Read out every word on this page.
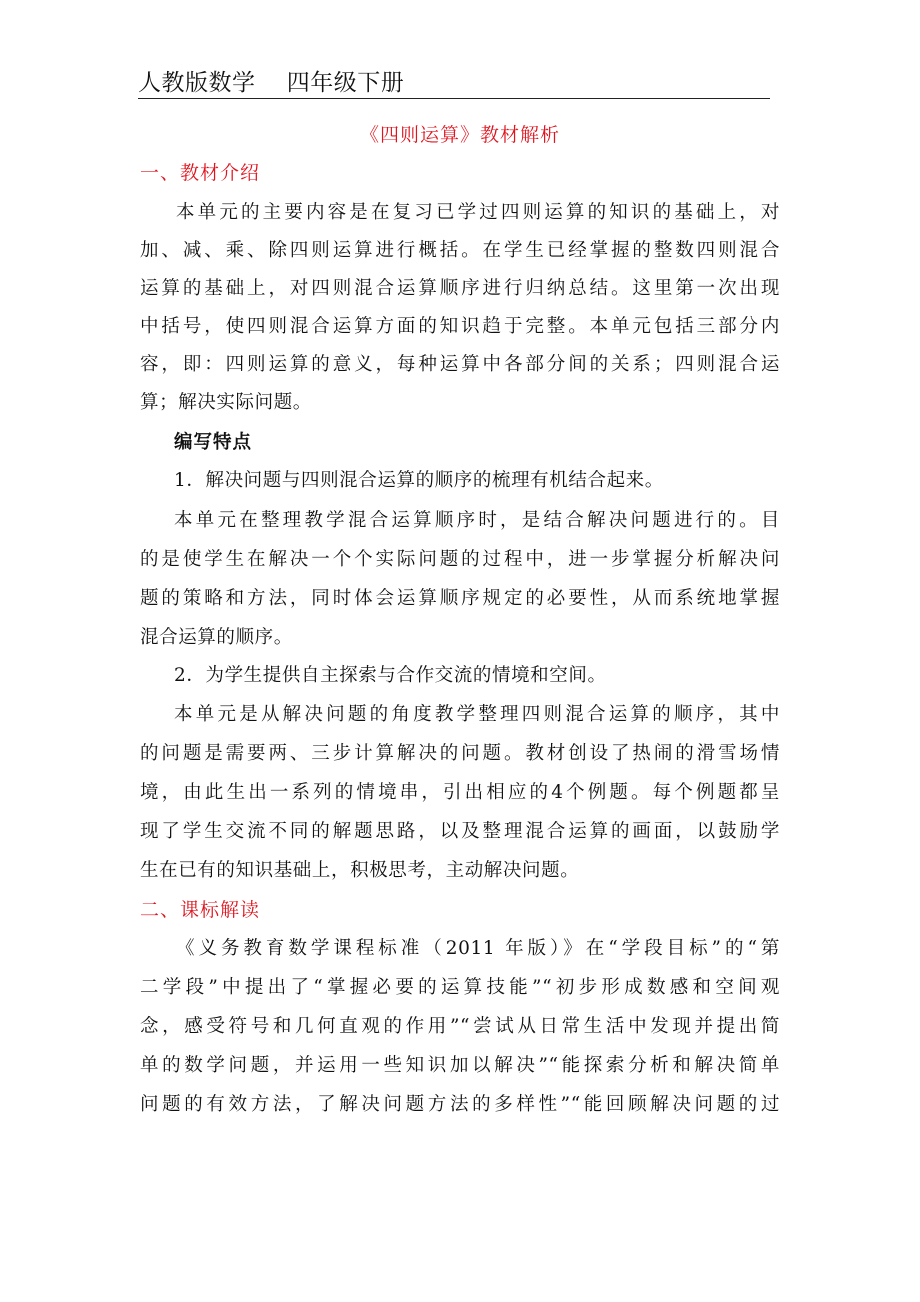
人教版数学    四年级下册
《四则运算》教材解析
一、教材介绍
本单元的主要内容是在复习已学过四则运算的知识的基础上，对
加、减、乘、除四则运算进行概括。在学生已经掌握的整数四则混合
运算的基础上，对四则混合运算顺序进行归纳总结。这里第一次出现
中括号，使四则混合运算方面的知识趋于完整。本单元包括三部分内
容，即：四则运算的意义，每种运算中各部分间的关系；四则混合运
算；解决实际问题。
编写特点
1．解决问题与四则混合运算的顺序的梳理有机结合起来。
本单元在整理教学混合运算顺序时，是结合解决问题进行的。目
的是使学生在解决一个个实际问题的过程中，进一步掌握分析解决问
题的策略和方法，同时体会运算顺序规定的必要性，从而系统地掌握
混合运算的顺序。
2．为学生提供自主探索与合作交流的情境和空间。
本单元是从解决问题的角度教学整理四则混合运算的顺序，其中
的问题是需要两、三步计算解决的问题。教材创设了热闹的滑雪场情
境，由此生出一系列的情境串，引出相应的4个例题。每个例题都呈
现了学生交流不同的解题思路，以及整理混合运算的画面，以鼓励学
生在已有的知识基础上，积极思考，主动解决问题。
二、课标解读
《义务教育数学课程标准（2011 年版）》在“学段目标”的“第
二学段”中提出了“掌握必要的运算技能”“初步形成数感和空间观
念，感受符号和几何直观的作用”“尝试从日常生活中发现并提出简
单的数学问题，并运用一些知识加以解决”“能探索分析和解决简单
问题的有效方法，了解决问题方法的多样性”“能回顾解决问题的过
